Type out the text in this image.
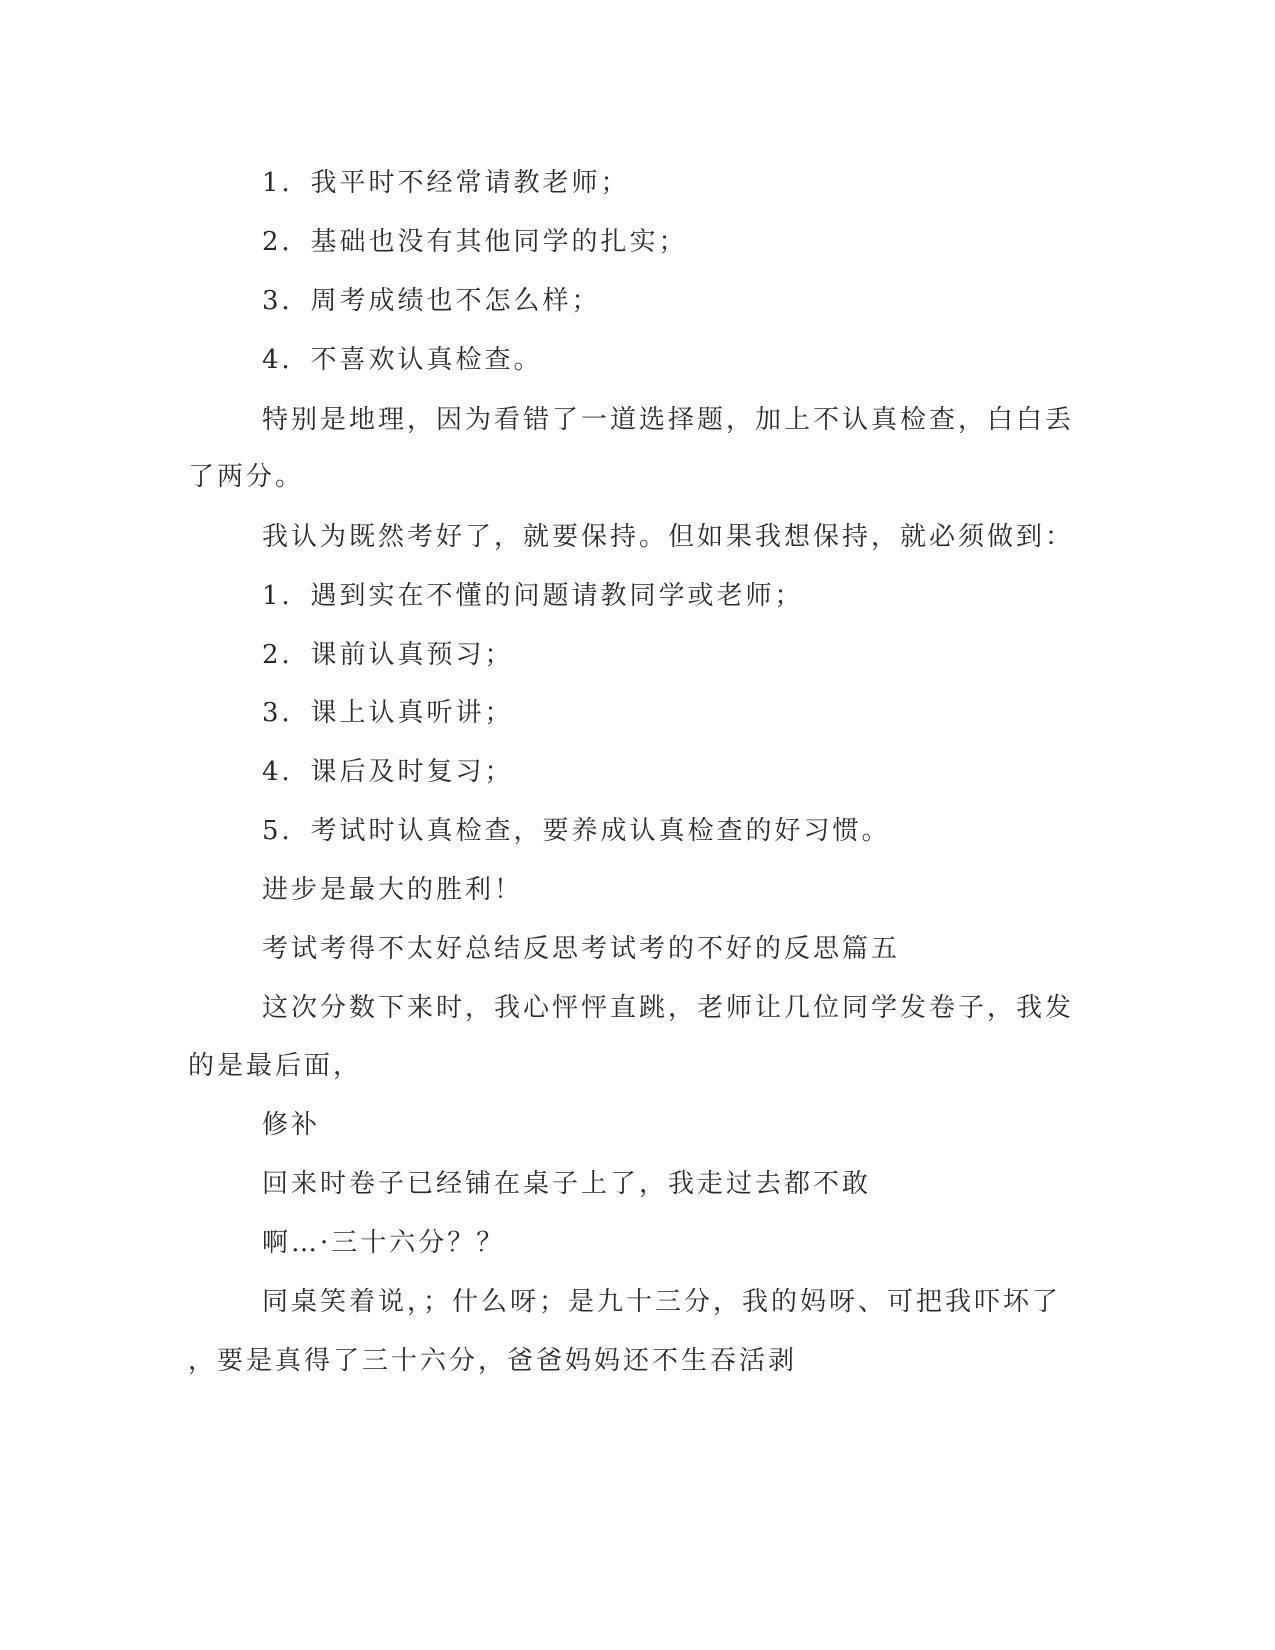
1．我平时不经常请教老师；
2．基础也没有其他同学的扎实；
3．周考成绩也不怎么样；
4．不喜欢认真检查。
特别是地理，因为看错了一道选择题，加上不认真检查，白白丢
了两分。
我认为既然考好了，就要保持。但如果我想保持，就必须做到：
1．遇到实在不懂的问题请教同学或老师；
2．课前认真预习；
3．课上认真听讲；
4．课后及时复习；
5．考试时认真检查，要养成认真检查的好习惯。
进步是最大的胜利！
考试考得不太好总结反思考试考的不好的反思篇五
这次分数下来时，我心怦怦直跳，老师让几位同学发卷子，我发
的是最后面，
修补
回来时卷子已经铺在桌子上了，我走过去都不敢
啊…·三十六分？？
同桌笑着说，；什么呀；是九十三分，我的妈呀、可把我吓坏了
，要是真得了三十六分，爸爸妈妈还不生吞活剥
